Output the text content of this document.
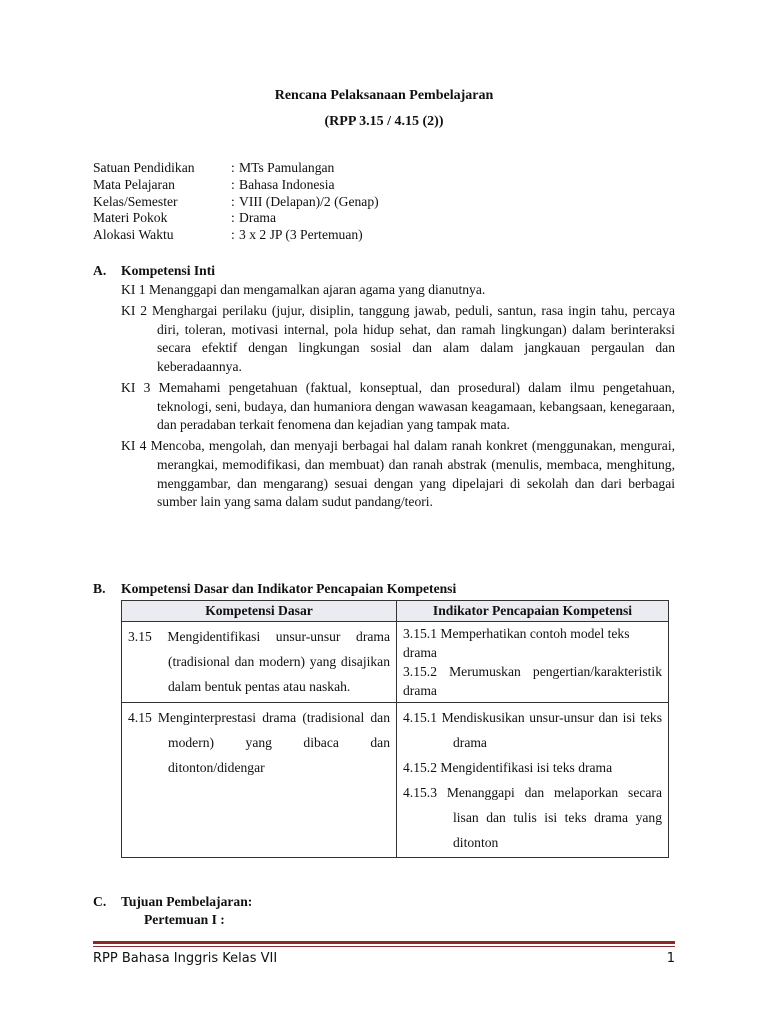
Rencana Pelaksanaan Pembelajaran
(RPP 3.15 / 4.15 (2))
Satuan Pendidikan	: MTs Pamulangan
Mata Pelajaran	: Bahasa Indonesia
Kelas/Semester	: VIII (Delapan)/2 (Genap)
Materi Pokok	: Drama
Alokasi Waktu	: 3 x 2 JP (3 Pertemuan)
A. Kompetensi Inti

KI 1 Menanggapi dan mengamalkan ajaran agama yang dianutnya.

KI 2 Menghargai perilaku (jujur, disiplin, tanggung jawab, peduli, santun, rasa ingin tahu, percaya diri, toleran, motivasi internal, pola hidup sehat, dan ramah lingkungan) dalam berinteraksi secara efektif dengan lingkungan sosial dan alam dalam jangkauan pergaulan dan keberadaannya.

KI 3 Memahami pengetahuan (faktual, konseptual, dan prosedural) dalam ilmu pengetahuan, teknologi, seni, budaya, dan humaniora dengan wawasan keagamaan, kebangsaan, kenegaraan, dan peradaban terkait fenomena dan kejadian yang tampak mata.

KI 4 Mencoba, mengolah, dan menyaji berbagai hal dalam ranah konkret (menggunakan, mengurai, merangkai, memodifikasi, dan membuat) dan ranah abstrak (menulis, membaca, menghitung, menggambar, dan mengarang) sesuai dengan yang dipelajari di sekolah dan dari berbagai sumber lain yang sama dalam sudut pandang/teori.

B. Kompetensi Dasar dan Indikator Pencapaian Kompetensi
Kompetensi Dasar	Indikator Pencapaian Kompetensi

3.15 Mengidentifikasi unsur-unsur drama (tradisional dan modern) yang disajikan dalam bentuk pentas atau naskah.	3.15.1 Memperhatikan contoh model teks drama
3.15.2 Merumuskan pengertian/karakteristik drama

4.15 Menginterprestasi drama (tradisional dan modern) yang dibaca dan ditonton/didengar	4.15.1 Mendiskusikan unsur-unsur dan isi teks drama
4.15.2 Mengidentifikasi isi teks drama
4.15.3 Menanggapi dan melaporkan secara lisan dan tulis isi teks drama yang ditonton
C. Tujuan Pembelajaran:
Pertemuan I :
RPP Bahasa Inggris Kelas VII	1
